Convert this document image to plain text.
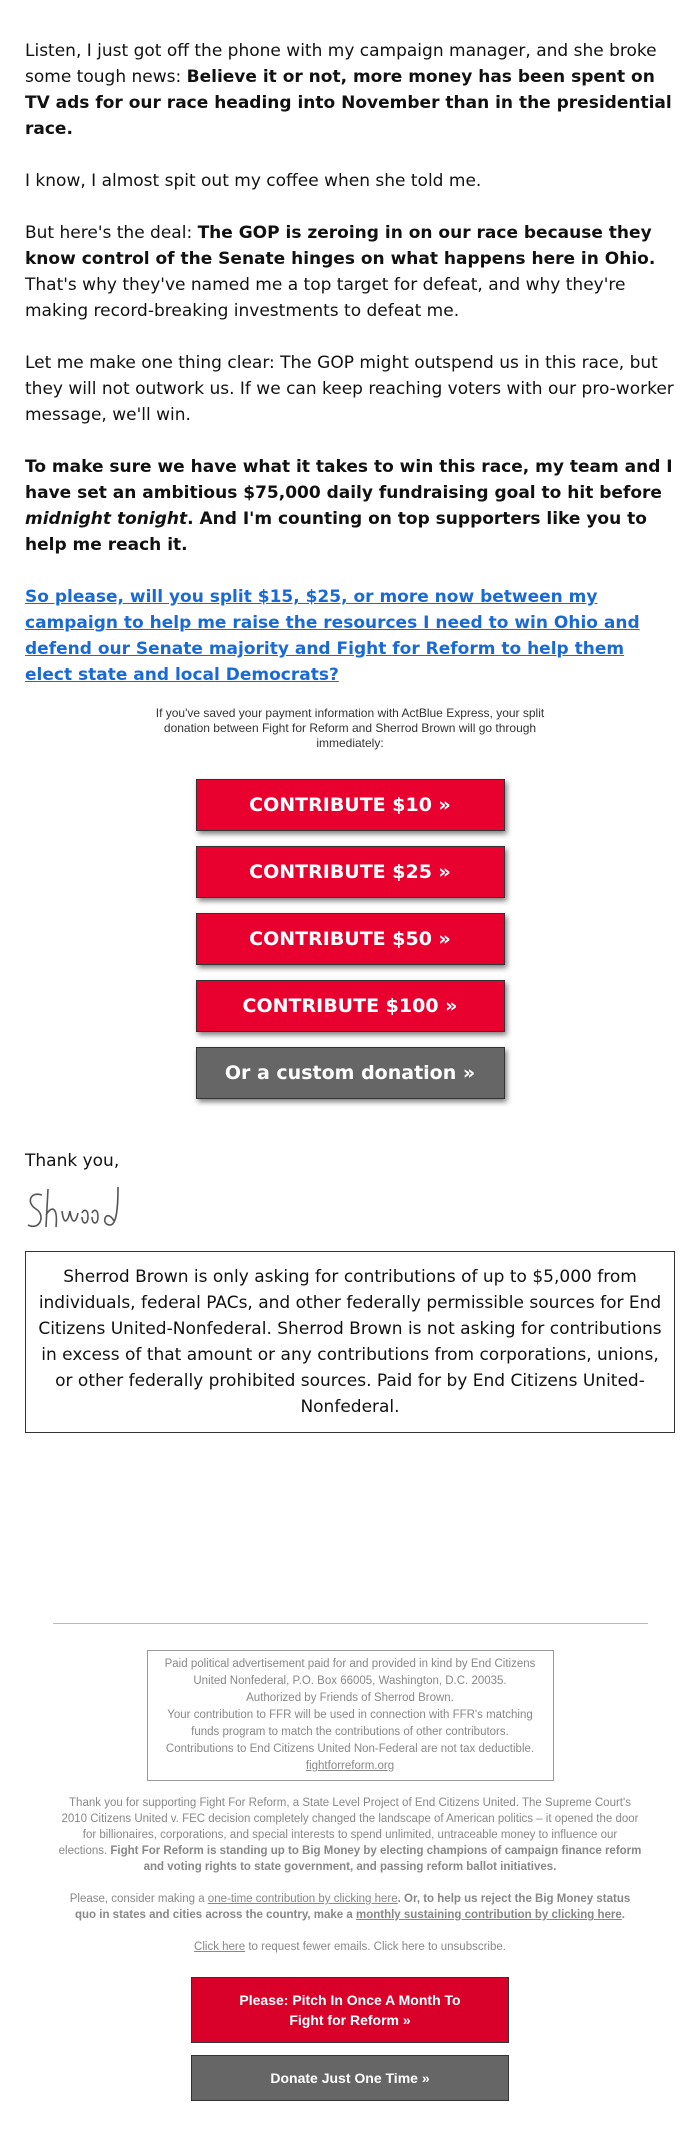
Listen, I just got off the phone with my campaign manager, and she broke some tough news: Believe it or not, more money has been spent on TV ads for our race heading into November than in the presidential race.

I know, I almost spit out my coffee when she told me.

But here's the deal: The GOP is zeroing in on our race because they know control of the Senate hinges on what happens here in Ohio. That's why they've named me a top target for defeat, and why they're making record-breaking investments to defeat me.

Let me make one thing clear: The GOP might outspend us in this race, but they will not outwork us. If we can keep reaching voters with our pro-worker message, we'll win.

To make sure we have what it takes to win this race, my team and I have set an ambitious $75,000 daily fundraising goal to hit before midnight tonight. And I'm counting on top supporters like you to help me reach it.

So please, will you split $15, $25, or more now between my campaign to help me raise the resources I need to win Ohio and defend our Senate majority and Fight for Reform to help them elect state and local Democrats?

If you've saved your payment information with ActBlue Express, your split donation between Fight for Reform and Sherrod Brown will go through immediately:
CONTRIBUTE $10 »
CONTRIBUTE $25 »
CONTRIBUTE $50 »
CONTRIBUTE $100 »
Or a custom donation »
Thank you,
Sherrod Brown is only asking for contributions of up to $5,000 from individuals, federal PACs, and other federally permissible sources for End Citizens United-Nonfederal. Sherrod Brown is not asking for contributions in excess of that amount or any contributions from corporations, unions, or other federally prohibited sources. Paid for by End Citizens United-Nonfederal.
Paid political advertisement paid for and provided in kind by End Citizens United Nonfederal, P.O. Box 66005, Washington, D.C. 20035.
Authorized by Friends of Sherrod Brown.
Your contribution to FFR will be used in connection with FFR's matching funds program to match the contributions of other contributors.
Contributions to End Citizens United Non-Federal are not tax deductible.
fightforreform.org
Thank you for supporting Fight For Reform, a State Level Project of End Citizens United. The Supreme Court's 2010 Citizens United v. FEC decision completely changed the landscape of American politics – it opened the door for billionaires, corporations, and special interests to spend unlimited, untraceable money to influence our elections. Fight For Reform is standing up to Big Money by electing champions of campaign finance reform and voting rights to state government, and passing reform ballot initiatives.
Please, consider making a one-time contribution by clicking here. Or, to help us reject the Big Money status quo in states and cities across the country, make a monthly sustaining contribution by clicking here.
Click here to request fewer emails. Click here to unsubscribe.
Please: Pitch In Once A Month To Fight for Reform »
Donate Just One Time »
